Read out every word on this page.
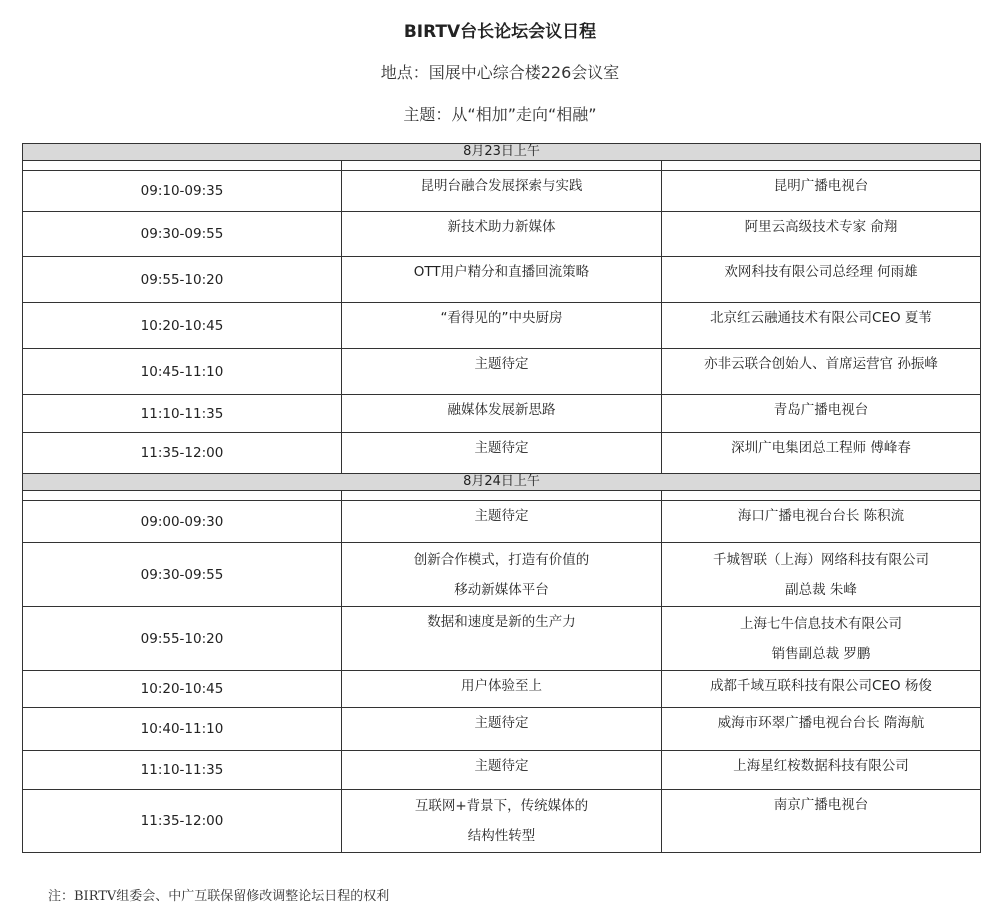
BIRTV台长论坛会议日程
地点：国展中心综合楼226会议室
主题：从“相加”走向“相融”
8月23日上午		

09:10-09:35	昆明台融合发展探索与实践	昆明广播电视台

09:30-09:55	新技术助力新媒体	阿里云高级技术专家 俞翔

09:55-10:20	OTT用户精分和直播回流策略	欢网科技有限公司总经理 何雨雄

10:20-10:45	“看得见的”中央厨房	北京红云融通技术有限公司CEO 夏苇

10:45-11:10	主题待定	亦非云联合创始人、首席运营官 孙振峰

11:10-11:35	融媒体发展新思路	青岛广播电视台

11:35-12:00	主题待定	深圳广电集团总工程师 傅峰春

8月24日上午		

09:00-09:30	主题待定	海口广播电视台台长 陈积流

09:30-09:55	创新合作模式，打造有价值的
移动新媒体平台	千城智联（上海）网络科技有限公司
副总裁 朱峰

09:55-10:20	数据和速度是新的生产力	上海七牛信息技术有限公司
销售副总裁 罗鹏

10:20-10:45	用户体验至上	成都千域互联科技有限公司CEO 杨俊

10:40-11:10	主题待定	威海市环翠广播电视台台长 隋海航

11:10-11:35	主题待定	上海星红桉数据科技有限公司

11:35-12:00	互联网+背景下，传统媒体的
结构性转型	南京广播电视台
注：BIRTV组委会、中广互联保留修改调整论坛日程的权利
